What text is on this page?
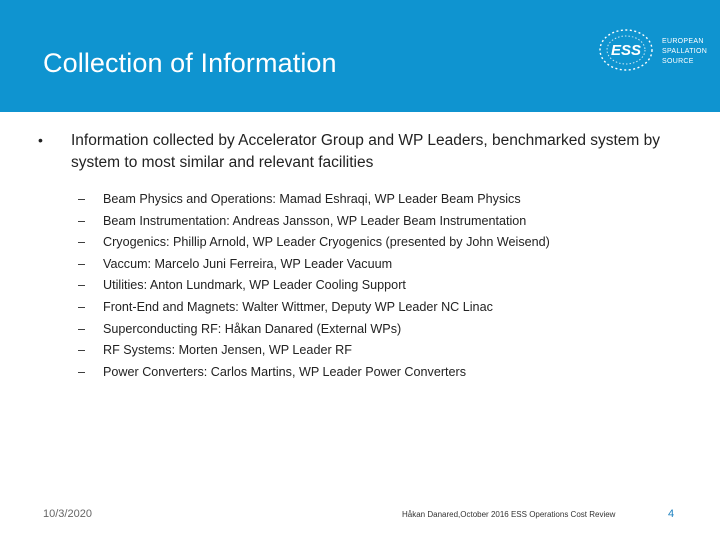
Collection of Information	ESS
EUROPEAN
SPALLATION
SOURCE
• Information collected by Accelerator Group and WP Leaders, benchmarked system by system to most similar and relevant facilities
– Beam Physics and Operations: Mamad Eshraqi, WP Leader Beam Physics
– Beam Instrumentation: Andreas Jansson, WP Leader Beam Instrumentation
– Cryogenics: Phillip Arnold, WP Leader Cryogenics (presented by John Weisend)
– Vaccum: Marcelo Juni Ferreira, WP Leader Vacuum
– Utilities: Anton Lundmark, WP Leader Cooling Support
– Front-End and Magnets: Walter Wittmer, Deputy WP Leader NC Linac
– Superconducting RF: Håkan Danared (External WPs)
– RF Systems: Morten Jensen, WP Leader RF
– Power Converters: Carlos Martins, WP Leader Power Converters
10/3/2020	Håkan Danared,October 2016 ESS Operations Cost Review	4
